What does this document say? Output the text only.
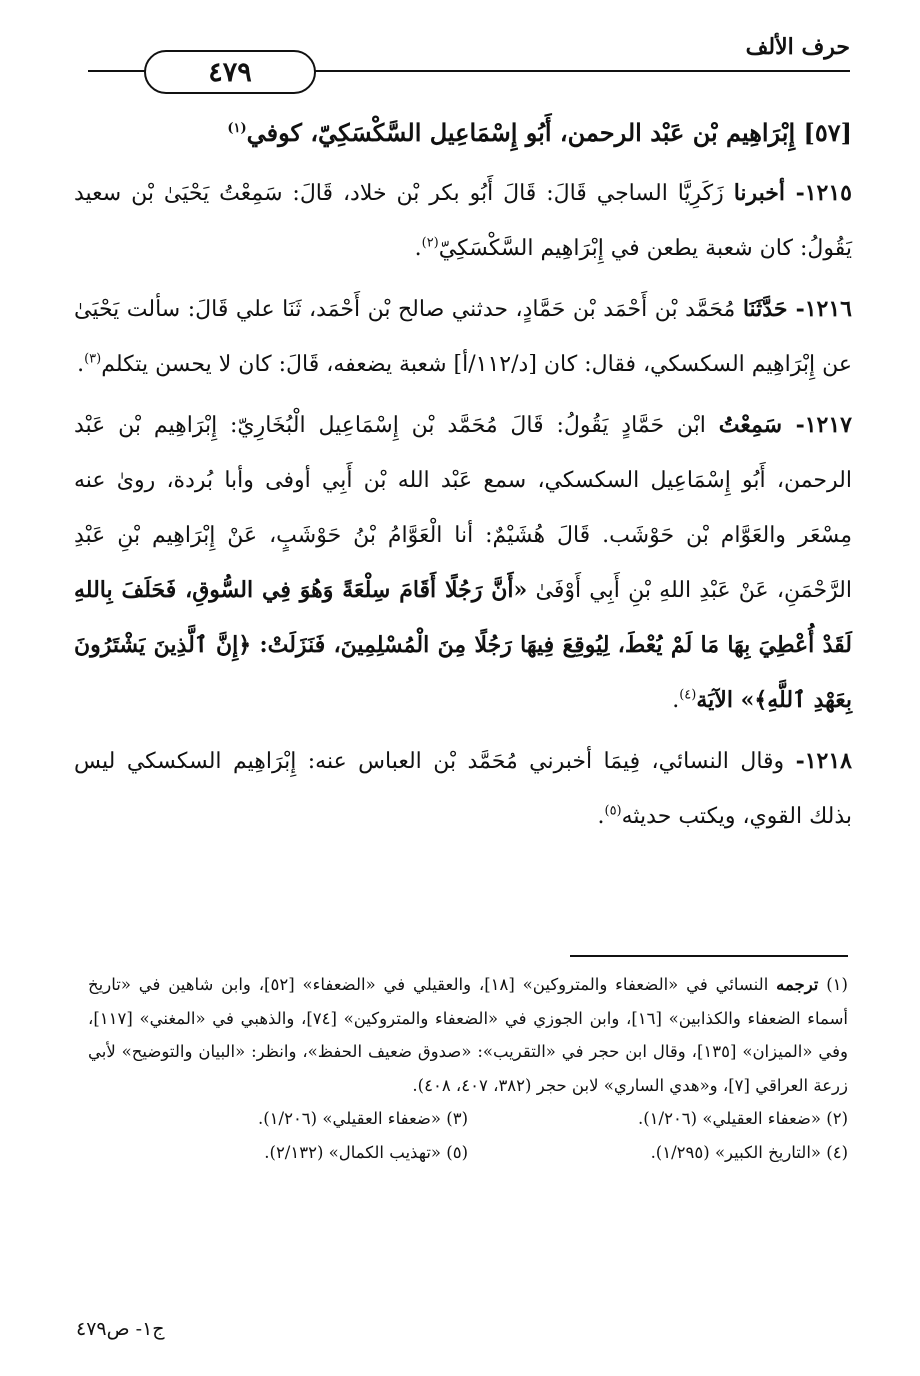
حرف الألف
٤٧٩
[٥٧] إِبْرَاهِيم بْن عَبْد الرحمن، أَبُو إِسْمَاعِيل السَّكْسَكِيّ، كوفي$^{(١)}$

١٢١٥- أخبرنا زَكَرِيَّا الساجي قَالَ: قَالَ أَبُو بكر بْن خلاد، قَالَ: سَمِعْتُ يَحْيَىٰ بْن سعيد يَقُولُ: كان شعبة يطعن في إِبْرَاهِيم السَّكْسَكِيّ$^{(٢)}$.

١٢١٦- حَدَّثَنَا مُحَمَّد بْن أَحْمَد بْن حَمَّادٍ، حدثني صالح بْن أَحْمَد، ثَنَا علي قَالَ: سألت يَحْيَىٰ عن إِبْرَاهِيم السكسكي، فقال: كان [د/١١٢/أ] شعبة يضعفه، قَالَ: كان لا يحسن يتكلم$^{(٣)}$.

١٢١٧- سَمِعْتُ ابْن حَمَّادٍ يَقُولُ: قَالَ مُحَمَّد بْن إِسْمَاعِيل الْبُخَارِيّ: إِبْرَاهِيم بْن عَبْد الرحمن، أَبُو إِسْمَاعِيل السكسكي، سمع عَبْد الله بْن أَبِي أوفى وأبا بُردة، روىٰ عنه مِسْعَر والعَوَّام بْن حَوْشَب. قَالَ هُشَيْمٌ: أنا الْعَوَّامُ بْنُ حَوْشَبٍ، عَنْ إِبْرَاهِيم بْنِ عَبْدِ الرَّحْمَنِ، عَنْ عَبْدِ اللهِ بْنِ أَبِي أَوْفَىٰ «أَنَّ رَجُلًا أَقَامَ سِلْعَةً وَهُوَ فِي السُّوقِ، فَحَلَفَ بِاللهِ لَقَدْ أُعْطِيَ بِهَا مَا لَمْ يُعْطَ، لِيُوقِعَ فِيهَا رَجُلًا مِنَ الْمُسْلِمِينَ، فَنَزَلَتْ: ﴿إِنَّ ٱلَّذِينَ يَشْتَرُونَ بِعَهْدِ ٱللَّهِ﴾» الآيَة$^{(٤)}$.

١٢١٨- وقال النسائي، فِيمَا أخبرني مُحَمَّد بْن العباس عنه: إِبْرَاهِيم السكسكي ليس بذلك القوي، ويكتب حديثه$^{(٥)}$.

(١) ترجمه النسائي في «الضعفاء والمتروكين» [١٨]، والعقيلي في «الضعفاء» [٥٢]، وابن شاهين في «تاريخ أسماء الضعفاء والكذابين» [١٦]، وابن الجوزي في «الضعفاء والمتروكين» [٧٤]، والذهبي في «المغني» [١١٧]، وفي «الميزان» [١٣٥]، وقال ابن حجر في «التقريب»: «صدوق ضعيف الحفظ»، وانظر: «البيان والتوضيح» لأبي زرعة العراقي [٧]، و«هدي الساري» لابن حجر (٣٨٢، ٤٠٧، ٤٠٨).

(٢) «ضعفاء العقيلي» (١/٢٠٦).

(٣) «ضعفاء العقيلي» (١/٢٠٦).

(٤) «التاريخ الكبير» (١/٢٩٥).

(٥) «تهذيب الكمال» (٢/١٣٢).

ج١- ص٤٧٩
